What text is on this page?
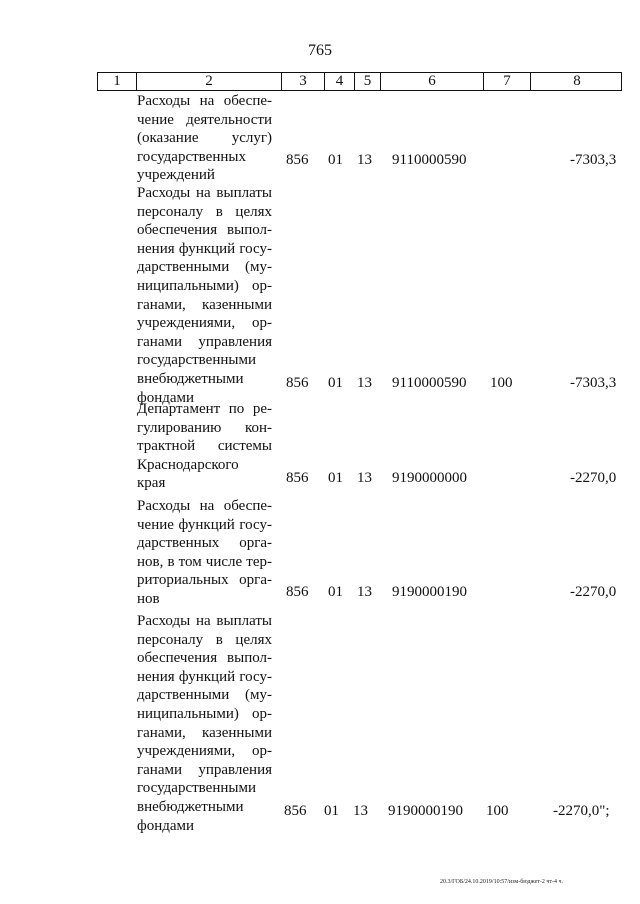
765
1	2	3	4	5	6	7	8
Расходы на обеспе-
чение деятельности
(оказание услуг)
государственных
учреждений
856 01 13 9110000590	-7303,3
Расходы на выплаты
персоналу в целях
обеспечения выпол-
нения функций госу-
дарственными (му-
ниципальными) ор-
ганами, казенными
учреждениями, ор-
ганами управления
государственными
внебюджетными
фондами
856 01 13 9110000590 100	-7303,3
Департамент по ре-
гулированию кон-
трактной системы
Краснодарского
края	856 01 13 9190000000	-2270,0
Расходы на обеспе-
чение функций госу-
дарственных орга-
нов, в том числе тер-
риториальных орга-
нов	856 01 13 9190000190	-2270,0
Расходы на выплаты
персоналу в целях
обеспечения выпол-
нения функций госу-
дарственными (му-
ниципальными) ор-
ганами, казенными
учреждениями, ор-
ганами управления
государственными
внебюджетными
фондами
856 01 13 9190000190 100	-2270,0";
20.3/ГОБ/24.10.2019/10:57/изм-бюджет-2 чт-4 ч.
